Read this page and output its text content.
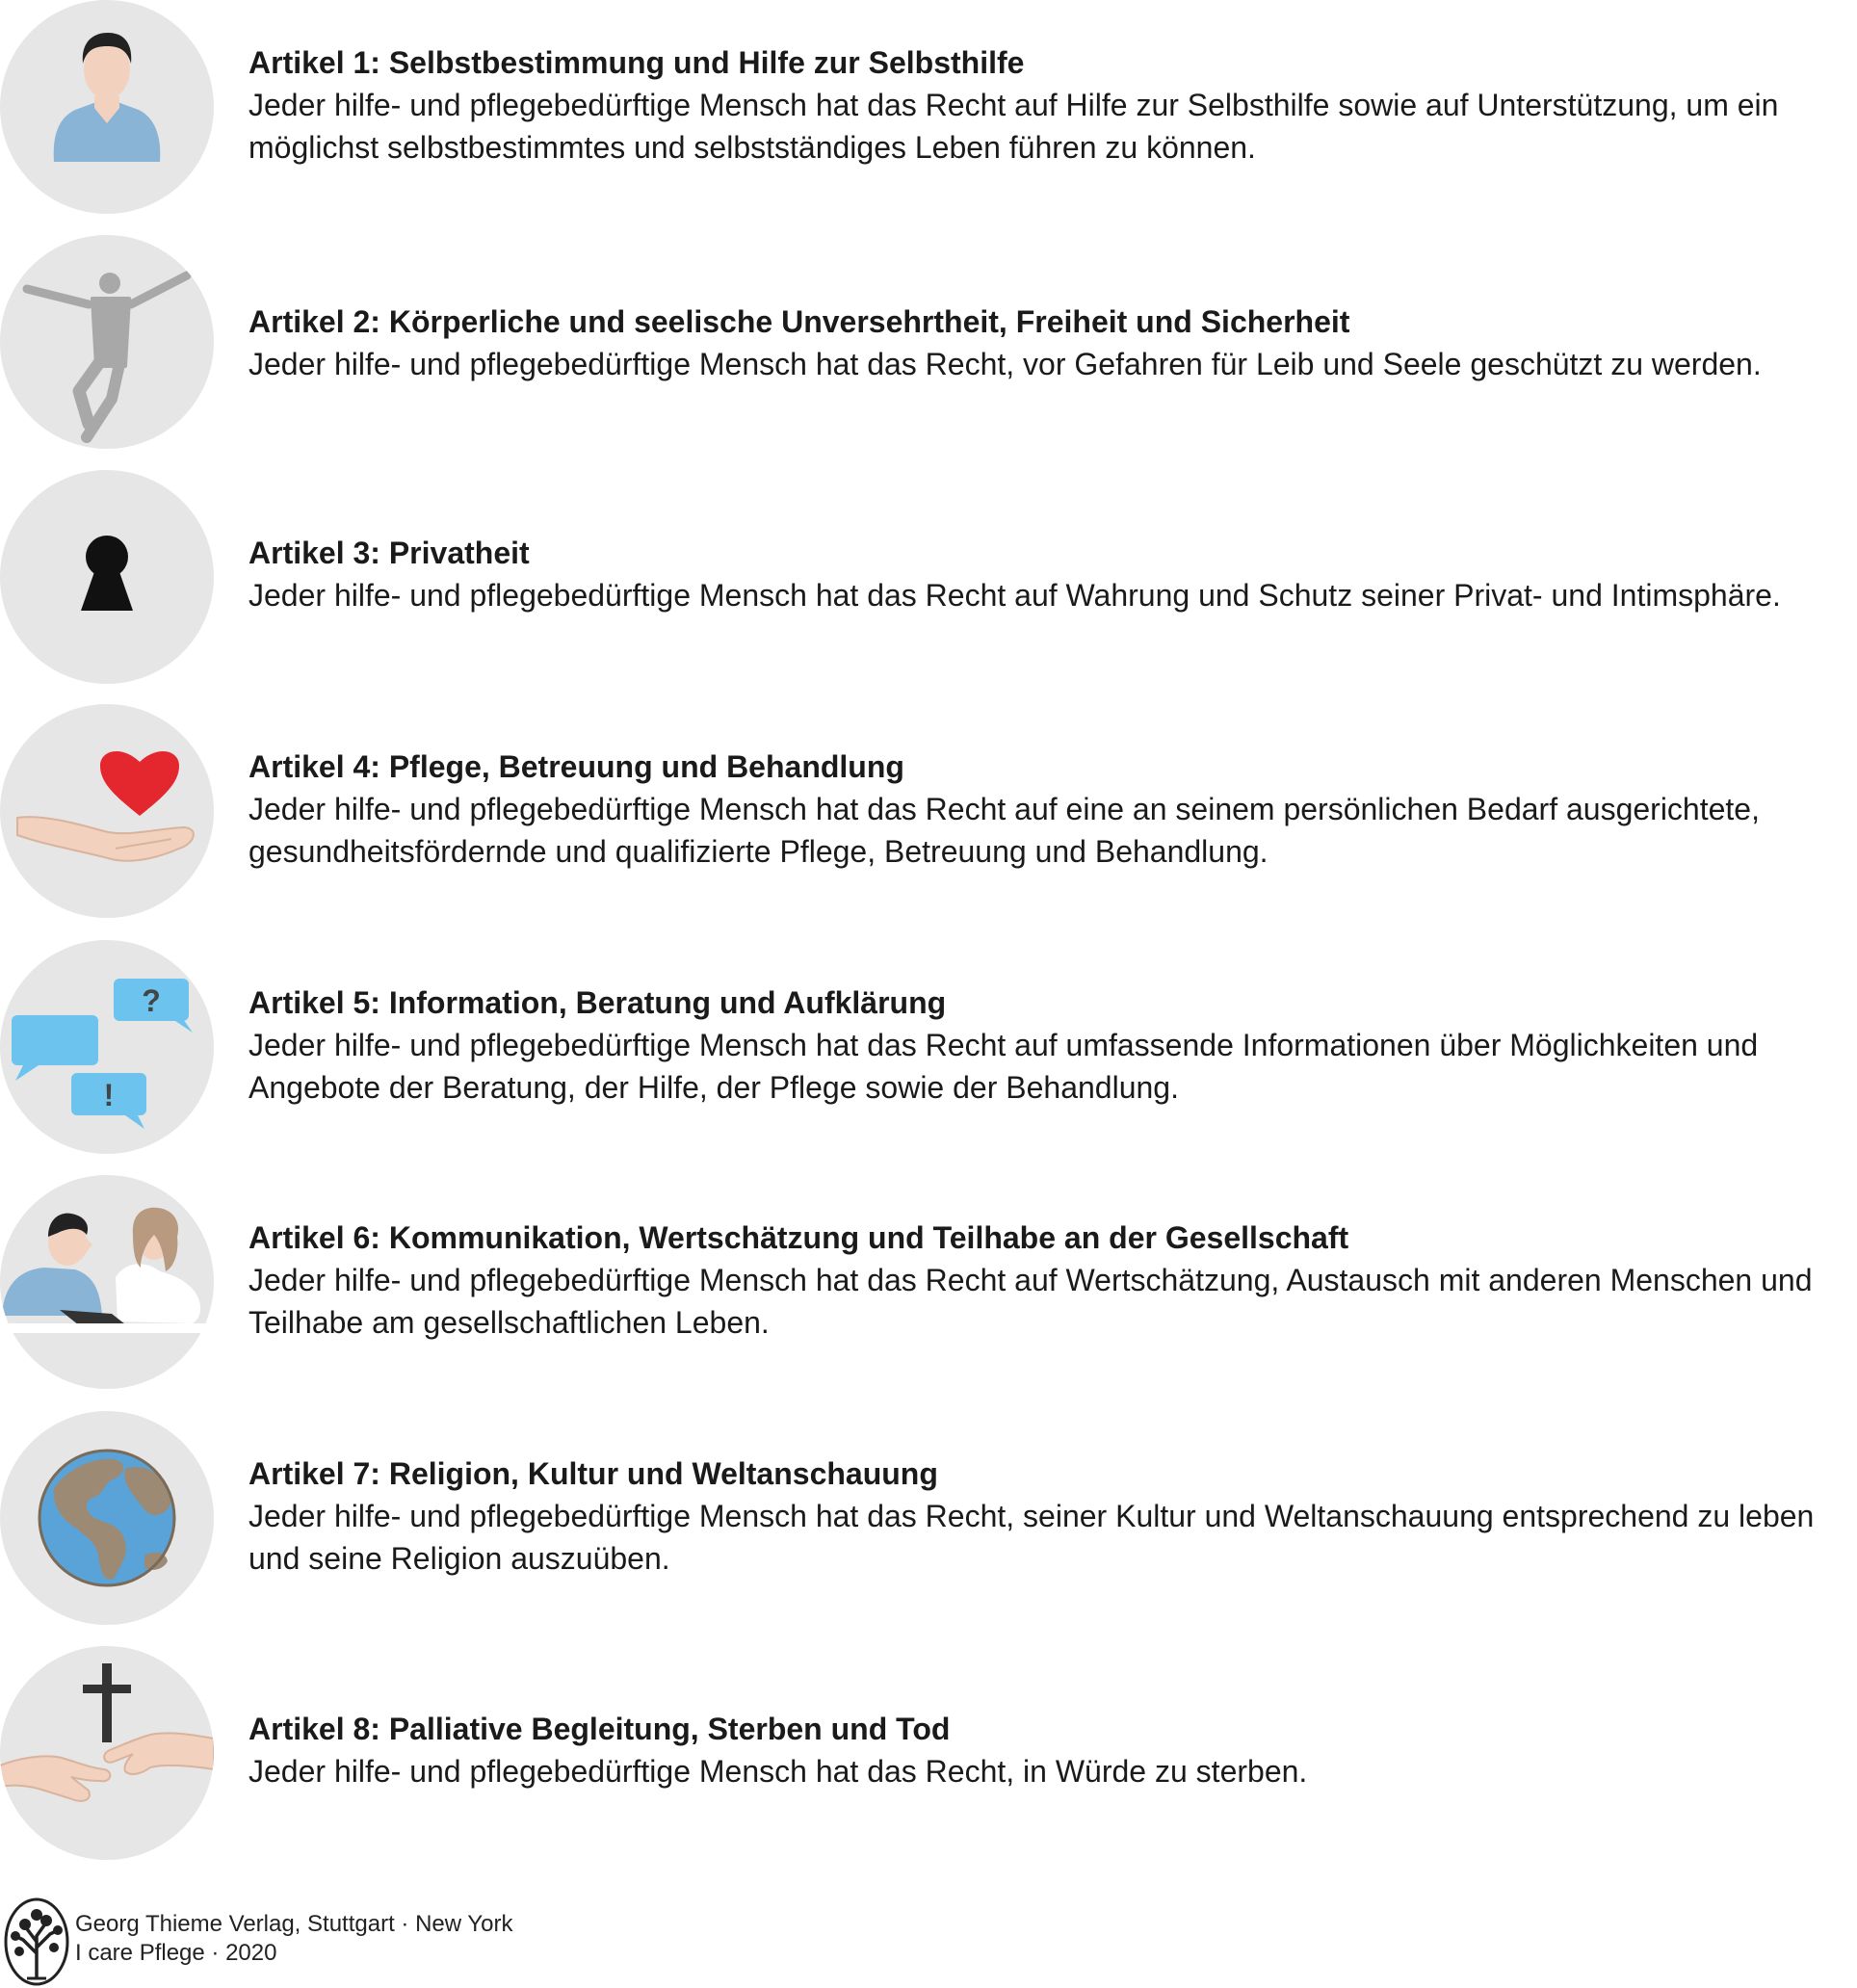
Artikel 1: Selbstbestimmung und Hilfe zur Selbsthilfe
Jeder hilfe- und pflegebedürftige Mensch hat das Recht auf Hilfe zur Selbsthilfe sowie auf Unterstützung, um ein möglichst selbstbestimmtes und selbstständiges Leben führen zu können.
Artikel 2: Körperliche und seelische Unversehrtheit, Freiheit und Sicherheit
Jeder hilfe- und pflegebedürftige Mensch hat das Recht, vor Gefahren für Leib und Seele geschützt zu werden.
Artikel 3: Privatheit
Jeder hilfe- und pflegebedürftige Mensch hat das Recht auf Wahrung und Schutz seiner Privat- und Intimsphäre.
Artikel 4: Pflege, Betreuung und Behandlung
Jeder hilfe- und pflegebedürftige Mensch hat das Recht auf eine an seinem persönlichen Bedarf ausgerichtete, gesundheitsfördernde und qualifizierte Pflege, Betreuung und Behandlung.
?
!
Artikel 5: Information, Beratung und Aufklärung
Jeder hilfe- und pflegebedürftige Mensch hat das Recht auf umfassende Informationen über Möglichkeiten und Angebote der Beratung, der Hilfe, der Pflege sowie der Behandlung.
Artikel 6: Kommunikation, Wertschätzung und Teilhabe an der Gesellschaft
Jeder hilfe- und pflegebedürftige Mensch hat das Recht auf Wertschätzung, Austausch mit anderen Menschen und Teilhabe am gesellschaftlichen Leben.
Artikel 7: Religion, Kultur und Weltanschauung
Jeder hilfe- und pflegebedürftige Mensch hat das Recht, seiner Kultur und Weltanschauung entsprechend zu leben und seine Religion auszuüben.
Artikel 8: Palliative Begleitung, Sterben und Tod
Jeder hilfe- und pflegebedürftige Mensch hat das Recht, in Würde zu sterben.
Georg Thieme Verlag, Stuttgart · New York
I care Pflege · 2020
